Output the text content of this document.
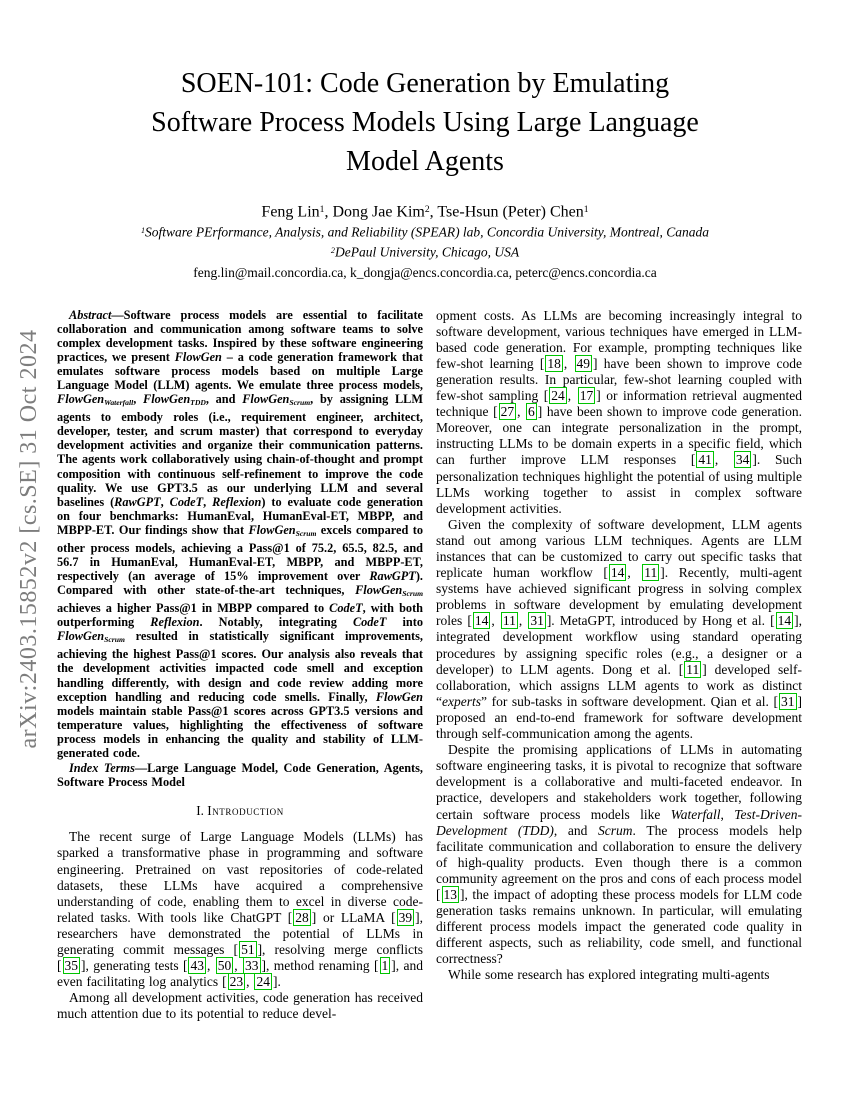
arXiv:2403.15852v2 [cs.SE] 31 Oct 2024
SOEN-101: Code Generation by Emulating
Software Process Models Using Large Language
Model Agents
Feng Lin$^1$, Dong Jae Kim$^2$, Tse-Hsun (Peter) Chen$^1$
$^1$Software PErformance, Analysis, and Reliability (SPEAR) lab, Concordia University, Montreal, Canada
$^2$DePaul University, Chicago, USA
feng.lin@mail.concordia.ca, k_dongja@encs.concordia.ca, peterc@encs.concordia.ca

Abstract—Software process models are essential to facilitate collaboration and communication among software teams to solve complex development tasks. Inspired by these software engineering practices, we present FlowGen – a code generation framework that emulates software process models based on multiple Large Language Model (LLM) agents. We emulate three process models, FlowGenWaterfall, FlowGenTDD, and FlowGenScrum, by assigning LLM agents to embody roles (i.e., requirement engineer, architect, developer, tester, and scrum master) that correspond to everyday development activities and organize their communication patterns. The agents work collaboratively using chain-of-thought and prompt composition with continuous self-refinement to improve the code quality. We use GPT3.5 as our underlying LLM and several baselines (RawGPT, CodeT, Reflexion) to evaluate code generation on four benchmarks: HumanEval, HumanEval-ET, MBPP, and MBPP-ET. Our findings show that FlowGenScrum excels compared to other process models, achieving a Pass@1 of 75.2, 65.5, 82.5, and 56.7 in HumanEval, HumanEval-ET, MBPP, and MBPP-ET, respectively (an average of 15% improvement over RawGPT). Compared with other state-of-the-art techniques, FlowGenScrum achieves a higher Pass@1 in MBPP compared to CodeT, with both outperforming Reflexion. Notably, integrating CodeT into FlowGenScrum resulted in statistically significant improvements, achieving the highest Pass@1 scores. Our analysis also reveals that the development activities impacted code smell and exception handling differently, with design and code review adding more exception handling and reducing code smells. Finally, FlowGen models maintain stable Pass@1 scores across GPT3.5 versions and temperature values, highlighting the effectiveness of software process models in enhancing the quality and stability of LLM-generated code.

Index Terms—Large Language Model, Code Generation, Agents, Software Process Model

I. Introduction

The recent surge of Large Language Models (LLMs) has sparked a transformative phase in programming and software engineering. Pretrained on vast repositories of code-related datasets, these LLMs have acquired a comprehensive understanding of code, enabling them to excel in diverse code-related tasks. With tools like ChatGPT [ 28 ] or LLaMA [ 39 ], researchers have demonstrated the potential of LLMs in generating commit messages [ 51 ], resolving merge conflicts [ 35 ], generating tests [ 43 , 50 , 33 ], method renaming [ 1 ], and even facilitating log analytics [ 23 , 24 ].

Among all development activities, code generation has received much attention due to its potential to reduce devel-

opment costs. As LLMs are becoming increasingly integral to software development, various techniques have emerged in LLM-based code generation. For example, prompting techniques like few-shot learning [ 18 , 49 ] have been shown to improve code generation results. In particular, few-shot learning coupled with few-shot sampling [ 24 , 17 ] or information retrieval augmented technique [ 27 , 6 ] have been shown to improve code generation. Moreover, one can integrate personalization in the prompt, instructing LLMs to be domain experts in a specific field, which can further improve LLM responses [ 41 , 34 ]. Such personalization techniques highlight the potential of using multiple LLMs working together to assist in complex software development activities.

Given the complexity of software development, LLM agents stand out among various LLM techniques. Agents are LLM instances that can be customized to carry out specific tasks that replicate human workflow [ 14 , 11 ]. Recently, multi-agent systems have achieved significant progress in solving complex problems in software development by emulating development roles [ 14 , 11 , 31 ]. MetaGPT, introduced by Hong et al. [ 14 ], integrated development workflow using standard operating procedures by assigning specific roles (e.g., a designer or a developer) to LLM agents. Dong et al. [ 11 ] developed self-collaboration, which assigns LLM agents to work as distinct “experts” for sub-tasks in software development. Qian et al. [ 31 ] proposed an end-to-end framework for software development through self-communication among the agents.

Despite the promising applications of LLMs in automating software engineering tasks, it is pivotal to recognize that software development is a collaborative and multi-faceted endeavor. In practice, developers and stakeholders work together, following certain software process models like Waterfall, Test-Driven-Development (TDD), and Scrum. The process models help facilitate communication and collaboration to ensure the delivery of high-quality products. Even though there is a common community agreement on the pros and cons of each process model [ 13 ], the impact of adopting these process models for LLM code generation tasks remains unknown. In particular, will emulating different process models impact the generated code quality in different aspects, such as reliability, code smell, and functional correctness?

While some research has explored integrating multi-agents
